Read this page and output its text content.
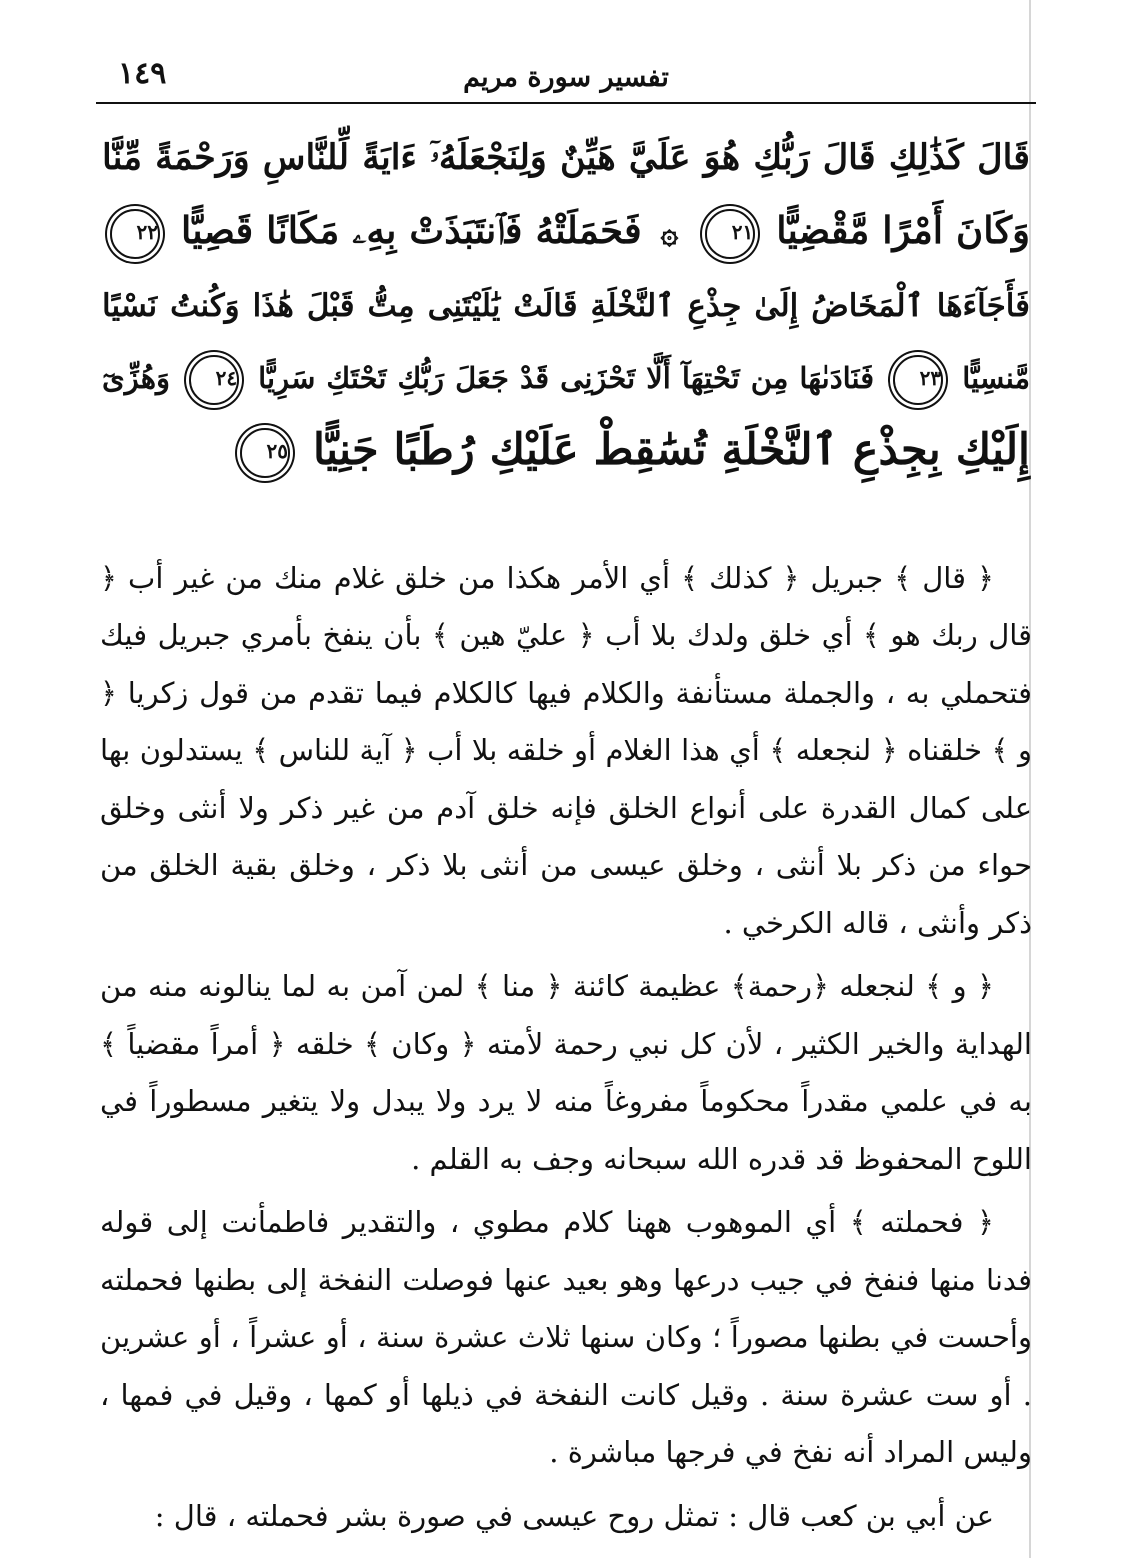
١٤٩	تفسير سورة مريم
قَالَ كَذَٰلِكِ قَالَ رَبُّكِ هُوَ عَلَيَّ هَيِّنٌ وَلِنَجْعَلَهُۥٓ ءَايَةً لِّلنَّاسِ وَرَحْمَةً مِّنَّا
وَكَانَ أَمْرًا مَّقْضِيًّا ٢١ ۞ فَحَمَلَتْهُ فَٱنتَبَذَتْ بِهِۦ مَكَانًا قَصِيًّا ٢٢
فَأَجَآءَهَا ٱلْمَخَاضُ إِلَىٰ جِذْعِ ٱلنَّخْلَةِ قَالَتْ يَٰلَيْتَنِى مِتُّ قَبْلَ هَٰذَا وَكُنتُ نَسْيًا
مَّنسِيًّا ٢٣ فَنَادَىٰهَا مِن تَحْتِهَآ أَلَّا تَحْزَنِى قَدْ جَعَلَ رَبُّكِ تَحْتَكِ سَرِيًّا ٢٤ وَهُزِّىٓ
إِلَيْكِ بِجِذْعِ ٱلنَّخْلَةِ تُسَٰقِطْ عَلَيْكِ رُطَبًا جَنِيًّا ٢٥

﴿ قال ﴾ جبريل ﴿ كذلك ﴾ أي الأمر هكذا من خلق غلام منك من غير أب ﴿ قال ربك هو ﴾ أي خلق ولدك بلا أب ﴿ عليّ هين ﴾ بأن ينفخ بأمري جبريل فيك فتحملي به ، والجملة مستأنفة والكلام فيها كالكلام فيما تقدم من قول زكريا ﴿ و ﴾ خلقناه ﴿ لنجعله ﴾ أي هذا الغلام أو خلقه بلا أب ﴿ آية للناس ﴾ يستدلون بها على كمال القدرة على أنواع الخلق فإنه خلق آدم من غير ذكر ولا أنثى وخلق حواء من ذكر بلا أنثى ، وخلق عيسى من أنثى بلا ذكر ، وخلق بقية الخلق من ذكر وأنثى ، قاله الكرخي .

﴿ و ﴾ لنجعله ﴿رحمة﴾ عظيمة كائنة ﴿ منا ﴾ لمن آمن به لما ينالونه منه من الهداية والخير الكثير ، لأن كل نبي رحمة لأمته ﴿ وكان ﴾ خلقه ﴿ أمراً مقضياً ﴾ به في علمي مقدراً محكوماً مفروغاً منه لا يرد ولا يبدل ولا يتغير مسطوراً في اللوح المحفوظ قد قدره الله سبحانه وجف به القلم .

﴿ فحملته ﴾ أي الموهوب ههنا كلام مطوي ، والتقدير فاطمأنت إلى قوله فدنا منها فنفخ في جيب درعها وهو بعيد عنها فوصلت النفخة إلى بطنها فحملته وأحست في بطنها مصوراً ؛ وكان سنها ثلاث عشرة سنة ، أو عشراً ، أو عشرين . أو ست عشرة سنة . وقيل كانت النفخة في ذيلها أو كمها ، وقيل في فمها ، وليس المراد أنه نفخ في فرجها مباشرة .

عن أبي بن كعب قال : تمثل روح عيسى في صورة بشر فحملته ، قال :
